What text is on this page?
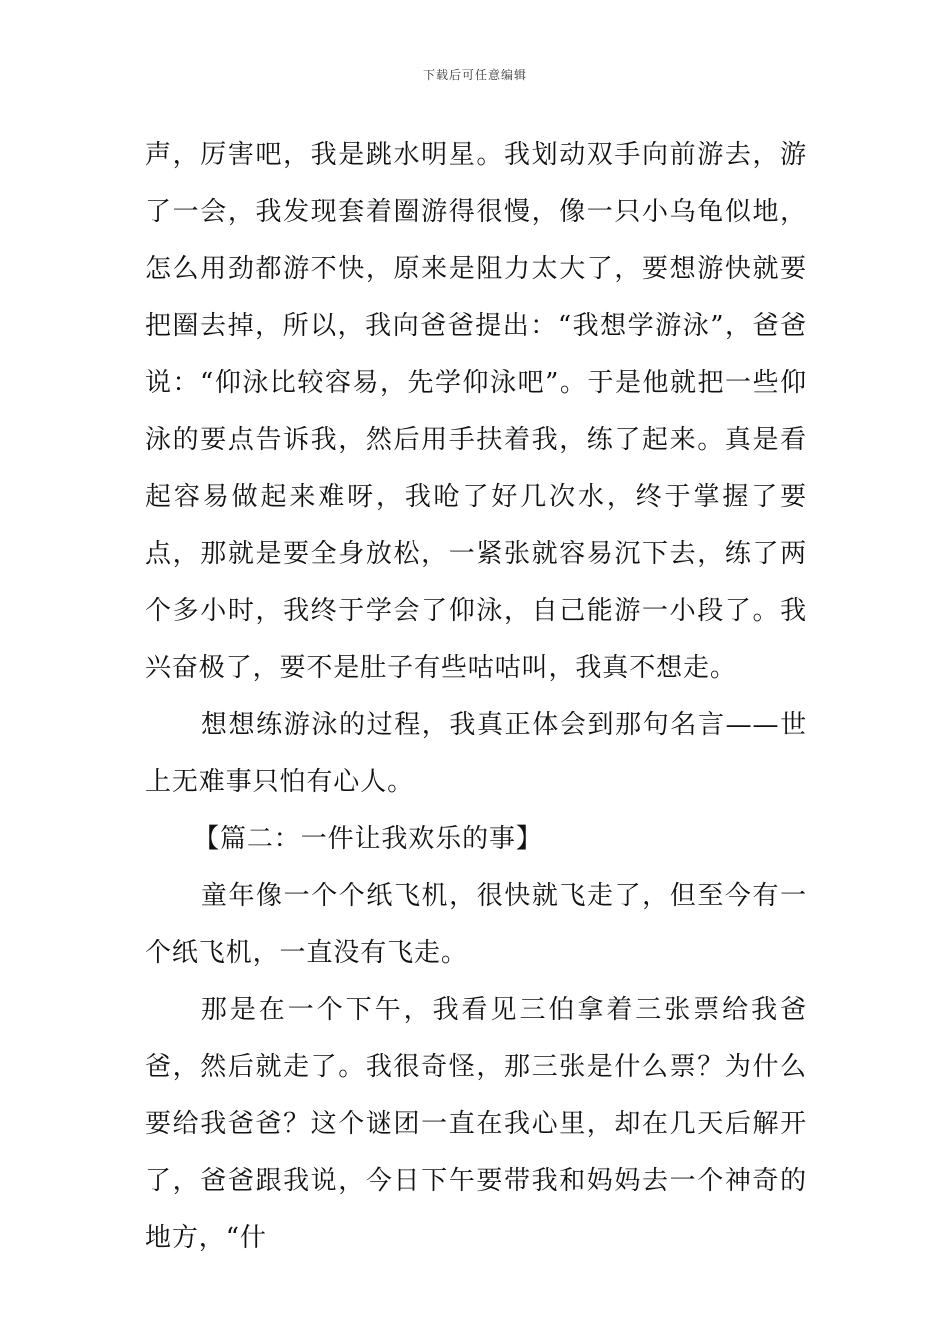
下载后可任意编辑

声，厉害吧，我是跳水明星。我划动双手向前游去，游了一会，我发现套着圈游得很慢，像一只小乌龟似地，怎么用劲都游不快，原来是阻力太大了，要想游快就要把圈去掉，所以，我向爸爸提出：“我想学游泳”，爸爸说：“仰泳比较容易，先学仰泳吧”。于是他就把一些仰泳的要点告诉我，然后用手扶着我，练了起来。真是看起容易做起来难呀，我呛了好几次水，终于掌握了要点，那就是要全身放松，一紧张就容易沉下去，练了两个多小时，我终于学会了仰泳，自己能游一小段了。我兴奋极了，要不是肚子有些咕咕叫，我真不想走。

想想练游泳的过程，我真正体会到那句名言——世上无难事只怕有心人。

【篇二：一件让我欢乐的事】

童年像一个个纸飞机，很快就飞走了，但至今有一个纸飞机，一直没有飞走。

那是在一个下午，我看见三伯拿着三张票给我爸爸，然后就走了。我很奇怪，那三张是什么票？为什么要给我爸爸？这个谜团一直在我心里，却在几天后解开了，爸爸跟我说，今日下午要带我和妈妈去一个神奇的地方，“什
